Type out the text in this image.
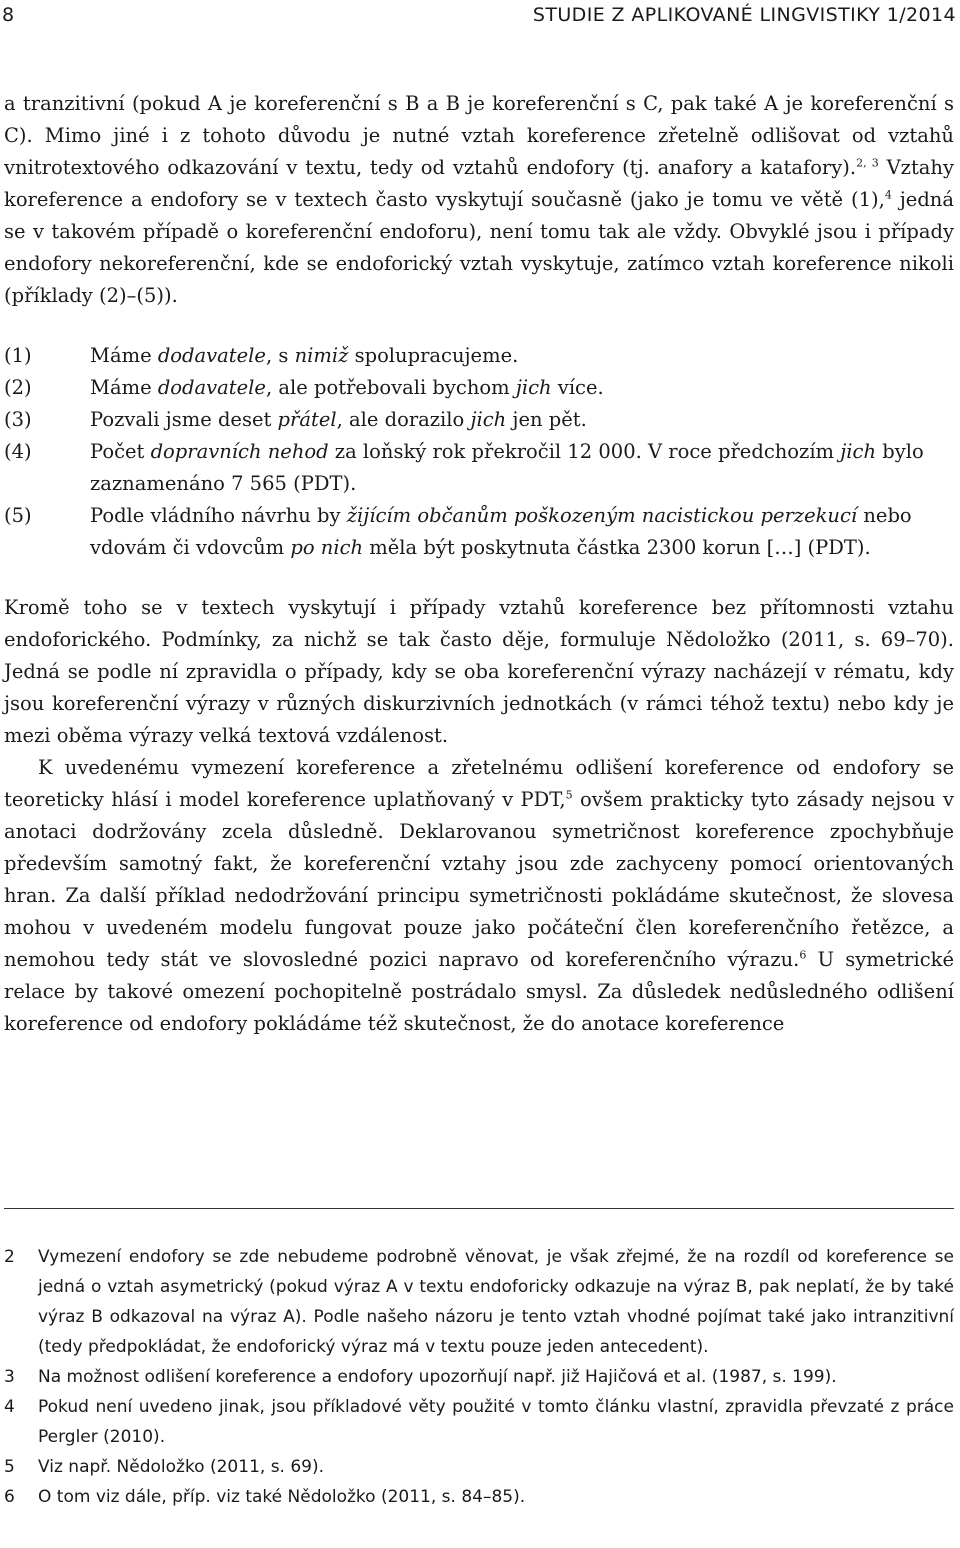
8	STUDIE Z APLIKOVANÉ LINGVISTIKY 1/2014

a tranzitivní (pokud A je koreferenční s B a B je koreferenční s C, pak také A je koreferenční s C). Mimo jiné i z tohoto důvodu je nutné vztah koreference zřetelně odlišovat od vztahů vnitrotextového odkazování v textu, tedy od vztahů endofory (tj. anafory a katafory).$^{2, 3}$ Vztahy koreference a endofory se v textech často vyskytují současně (jako je tomu ve větě (1),$^4$ jedná se v takovém případě o koreferenční endoforu), není tomu tak ale vždy. Obvyklé jsou i případy endofory nekoreferenční, kde se endoforický vztah vyskytuje, zatímco vztah koreference nikoli (příklady (2)–(5)).

(1)	Máme dodavatele, s nimiž spolupracujeme.
(2)	Máme dodavatele, ale potřebovali bychom jich více.
(3)	Pozvali jsme deset přátel, ale dorazilo jich jen pět.
(4)	Počet dopravních nehod za loňský rok překročil 12 000. V roce předchozím jich bylo zaznamenáno 7 565 (PDT).
(5)	Podle vládního návrhu by žijícím občanům poškozeným nacistickou perzekucí nebo vdovám či vdovcům po nich měla být poskytnuta částka 2300 korun […] (PDT).

Kromě toho se v textech vyskytují i případy vztahů koreference bez přítomnosti vztahu endoforického. Podmínky, za nichž se tak často děje, formuluje Nědoložko (2011, s. 69–70). Jedná se podle ní zpravidla o případy, kdy se oba koreferenční výrazy nacházejí v rématu, kdy jsou koreferenční výrazy v různých diskurzivních jednotkách (v rámci téhož textu) nebo kdy je mezi oběma výrazy velká textová vzdálenost.

K uvedenému vymezení koreference a zřetelnému odlišení koreference od endofory se teoreticky hlásí i model koreference uplatňovaný v PDT,$^5$ ovšem prakticky tyto zásady nejsou v anotaci dodržovány zcela důsledně. Deklarovanou symetričnost koreference zpochybňuje především samotný fakt, že koreferenční vztahy jsou zde zachyceny pomocí orientovaných hran. Za další příklad nedodržování principu symetričnosti pokládáme skutečnost, že slovesa mohou v uvedeném modelu fungovat pouze jako počáteční člen koreferenčního řetězce, a nemohou tedy stát ve slovosledné pozici napravo od koreferenčního výrazu.$^6$ U symetrické relace by takové omezení pochopitelně postrádalo smysl. Za důsledek nedůsledného odlišení koreference od endofory pokládáme též skutečnost, že do anotace koreference

2	Vymezení endofory se zde nebudeme podrobně věnovat, je však zřejmé, že na rozdíl od koreference se jedná o vztah asymetrický (pokud výraz A v textu endoforicky odkazuje na výraz B, pak neplatí, že by také výraz B odkazoval na výraz A). Podle našeho názoru je tento vztah vhodné pojímat také jako intranzitivní (tedy předpokládat, že endoforický výraz má v textu pouze jeden antecedent).
3	Na možnost odlišení koreference a endofory upozorňují např. již Hajičová et al. (1987, s. 199).
4	Pokud není uvedeno jinak, jsou příkladové věty použité v tomto článku vlastní, zpravidla převzaté z práce Pergler (2010).
5	Viz např. Nědoložko (2011, s. 69).
6	O tom viz dále, příp. viz také Nědoložko (2011, s. 84–85).
